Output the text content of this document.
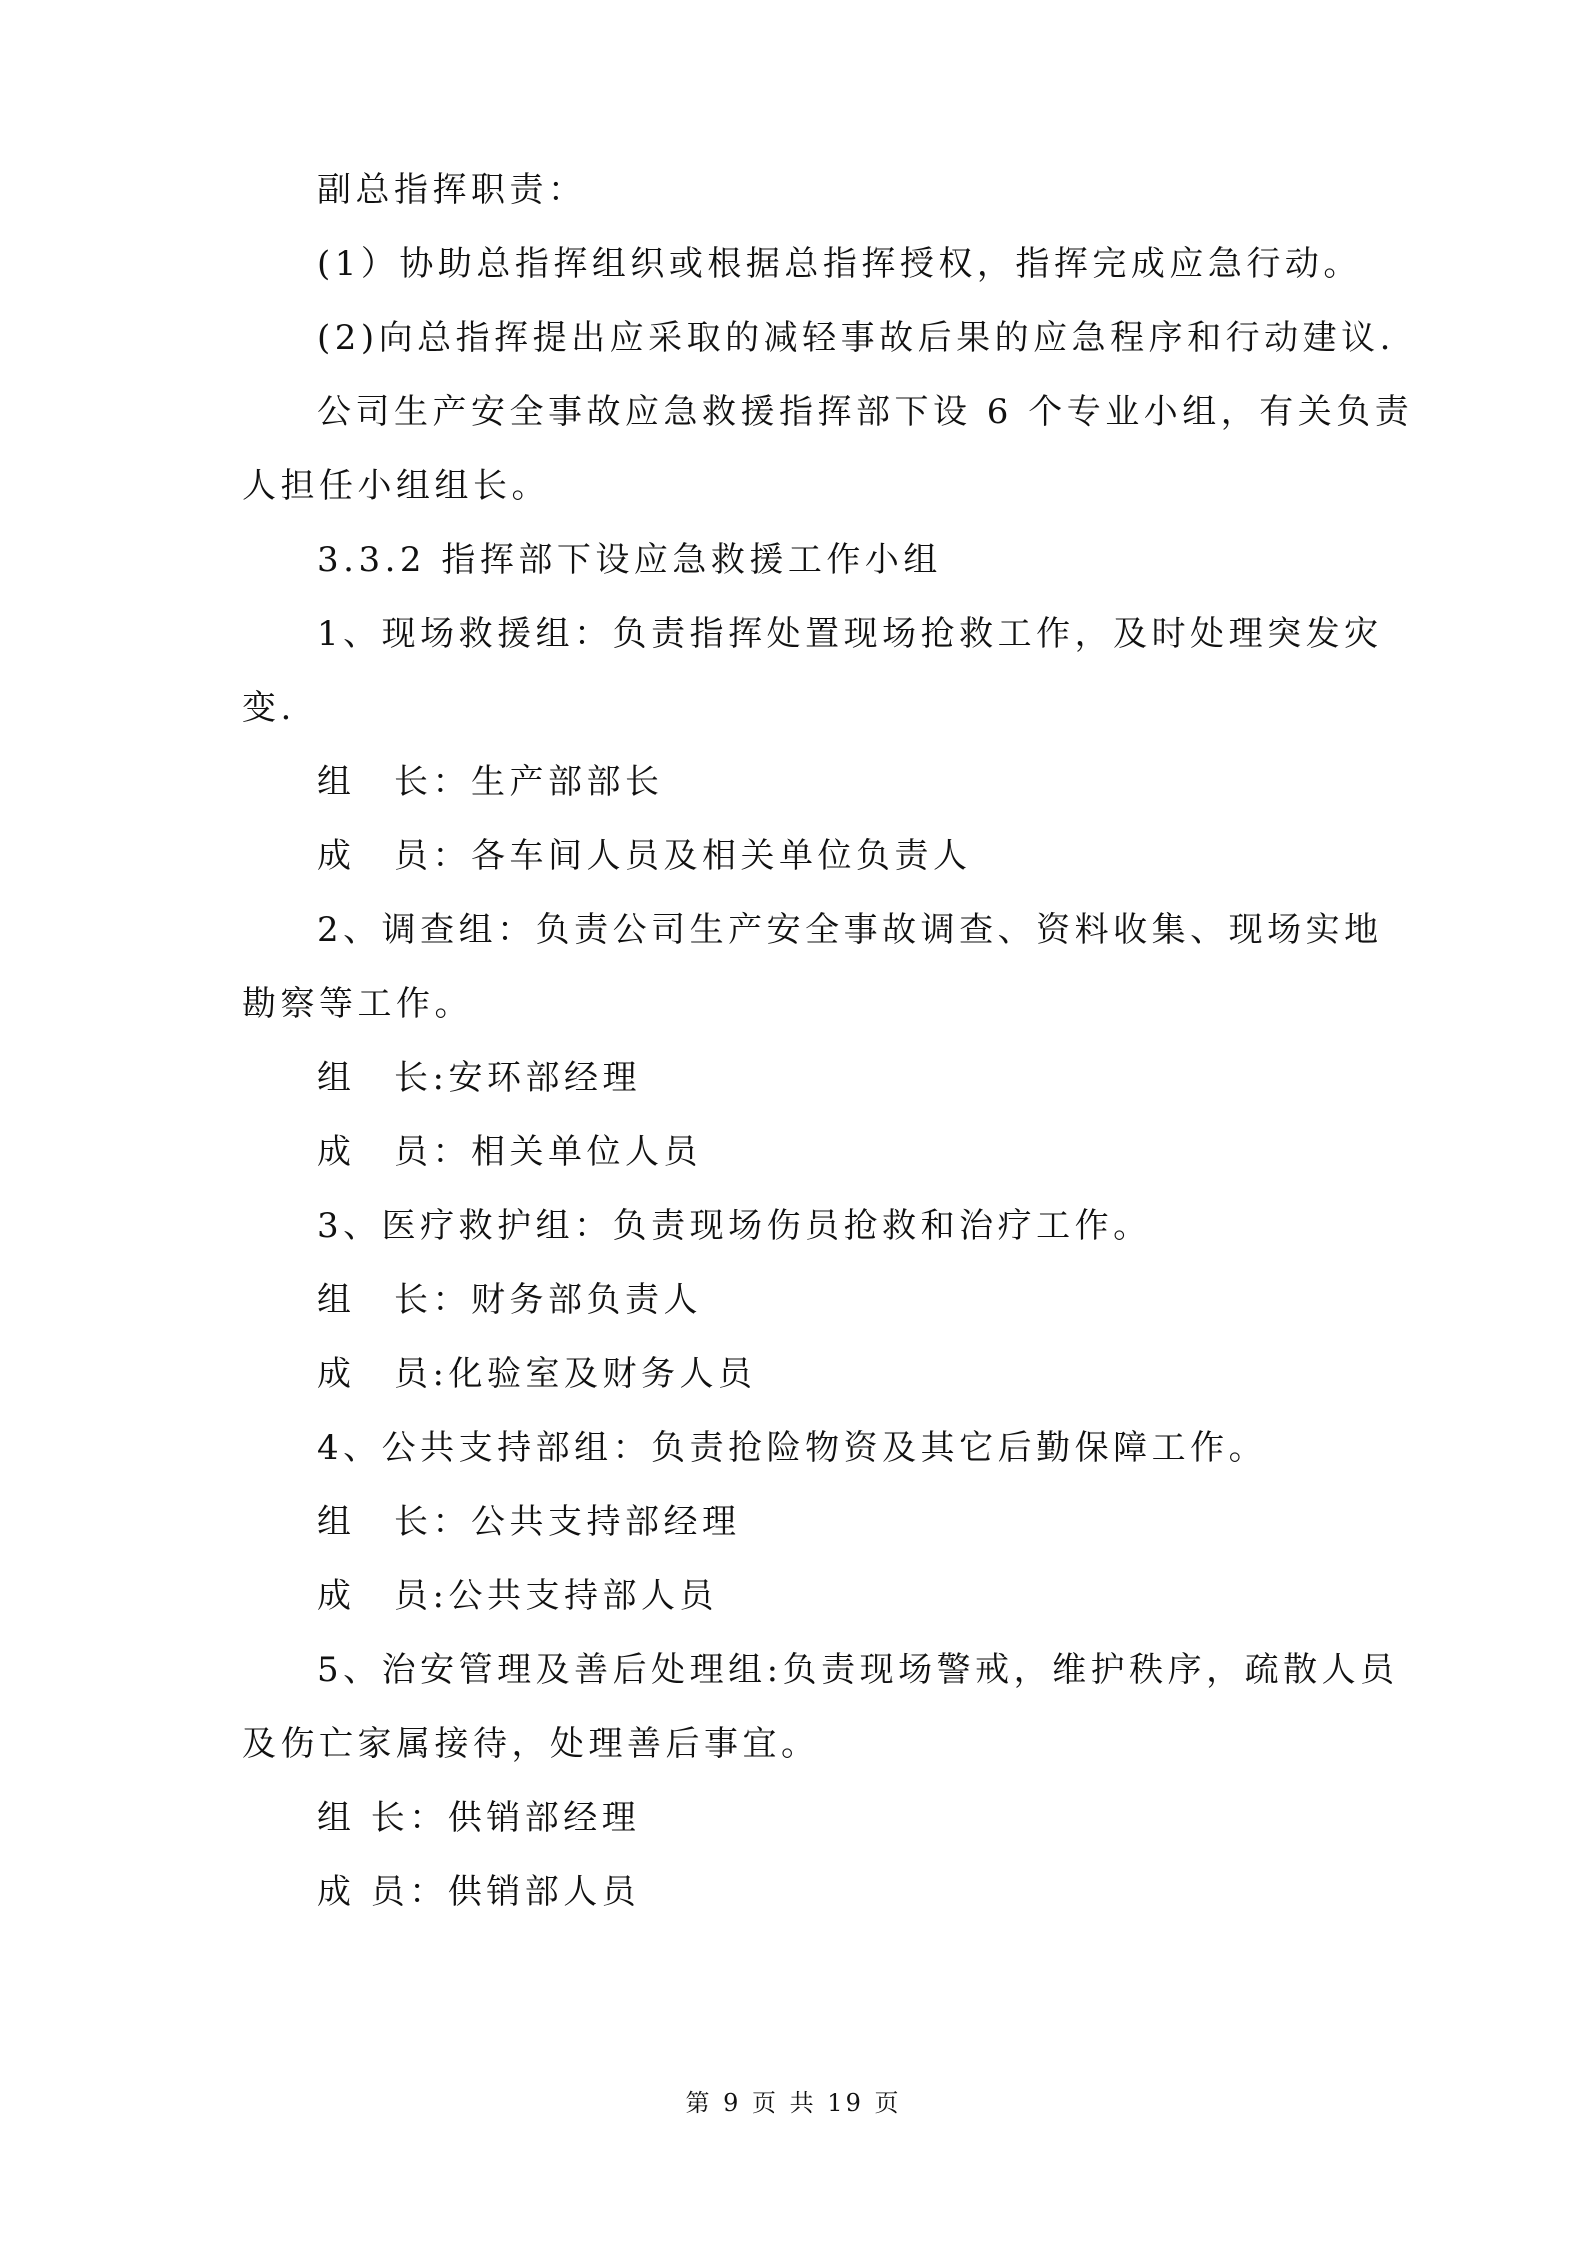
副总指挥职责：

(1）协助总指挥组织或根据总指挥授权，指挥完成应急行动。

(2)向总指挥提出应采取的减轻事故后果的应急程序和行动建议.

公司生产安全事故应急救援指挥部下设 6 个专业小组，有关负责

人担任小组组长。

3.3.2 指挥部下设应急救援工作小组

1、现场救援组：负责指挥处置现场抢救工作，及时处理突发灾

变.

组　长：生产部部长

成　员：各车间人员及相关单位负责人

2、调查组：负责公司生产安全事故调查、资料收集、现场实地

勘察等工作。

组　长:安环部经理

成　员：相关单位人员

3、医疗救护组：负责现场伤员抢救和治疗工作。

组　长：财务部负责人

成　员:化验室及财务人员

4、公共支持部组：负责抢险物资及其它后勤保障工作。

组　长：公共支持部经理

成　员:公共支持部人员

5、治安管理及善后处理组:负责现场警戒，维护秩序，疏散人员

及伤亡家属接待，处理善后事宜。

组 长：供销部经理

成 员：供销部人员

第 9 页 共 19 页
